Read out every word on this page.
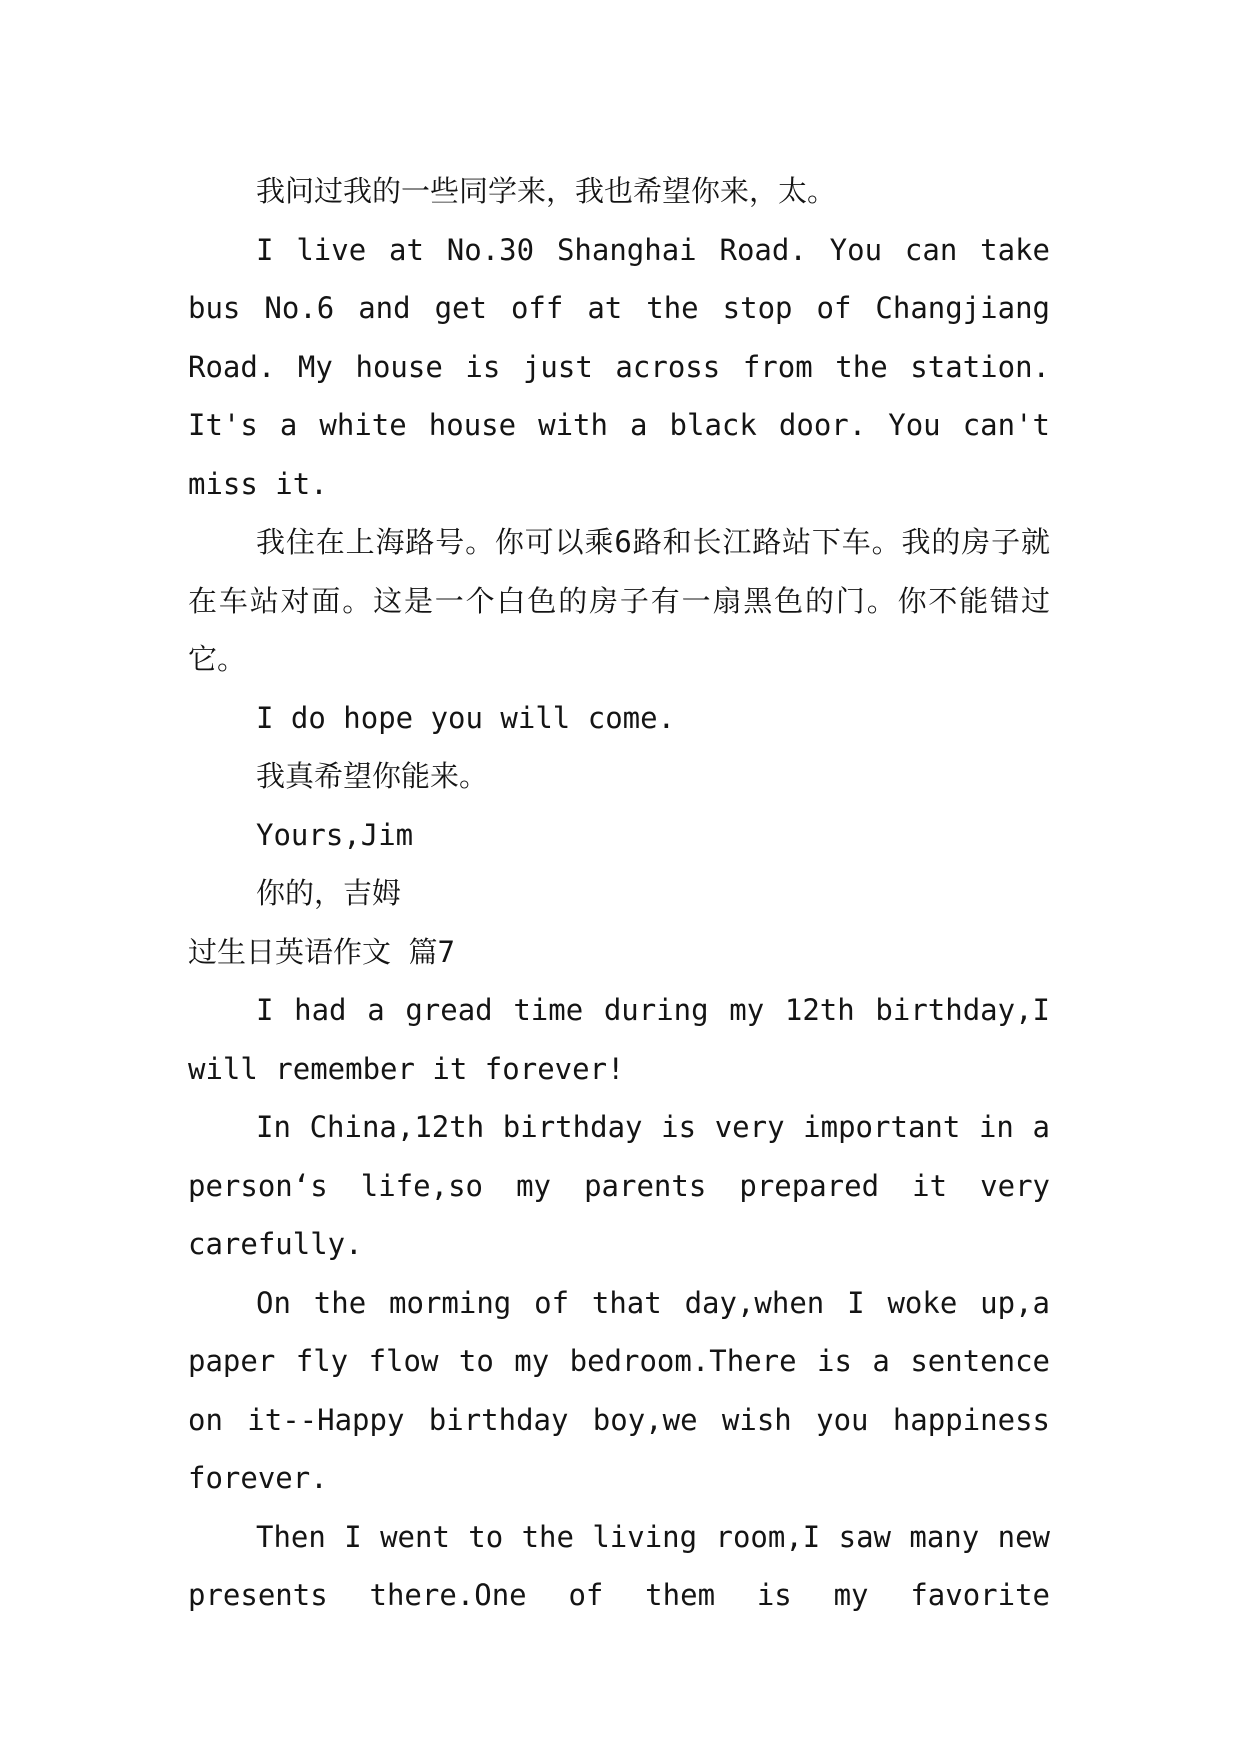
我问过我的一些同学来，我也希望你来，太。

I live at No.30 Shanghai Road. You can take bus No.6 and get off at the stop of Changjiang Road. My house is just across from the station. It's a white house with a black door. You can't miss it.

我住在上海路号。你可以乘6路和长江路站下车。我的房子就在车站对面。这是一个白色的房子有一扇黑色的门。你不能错过它。

I do hope you will come.

我真希望你能来。

Yours,Jim

你的，吉姆

过生日英语作文 篇7

I had a gread time during my 12th birthday,I will remember it forever!

In China,12th birthday is very important in a person‘s life,so my parents prepared it very carefully.

On the morming of that day,when I woke up,a paper fly flow to my bedroom.There is a sentence on it--Happy birthday boy,we wish you happiness forever.

Then I went to the living room,I saw many new presents there.One of them is my favorite
